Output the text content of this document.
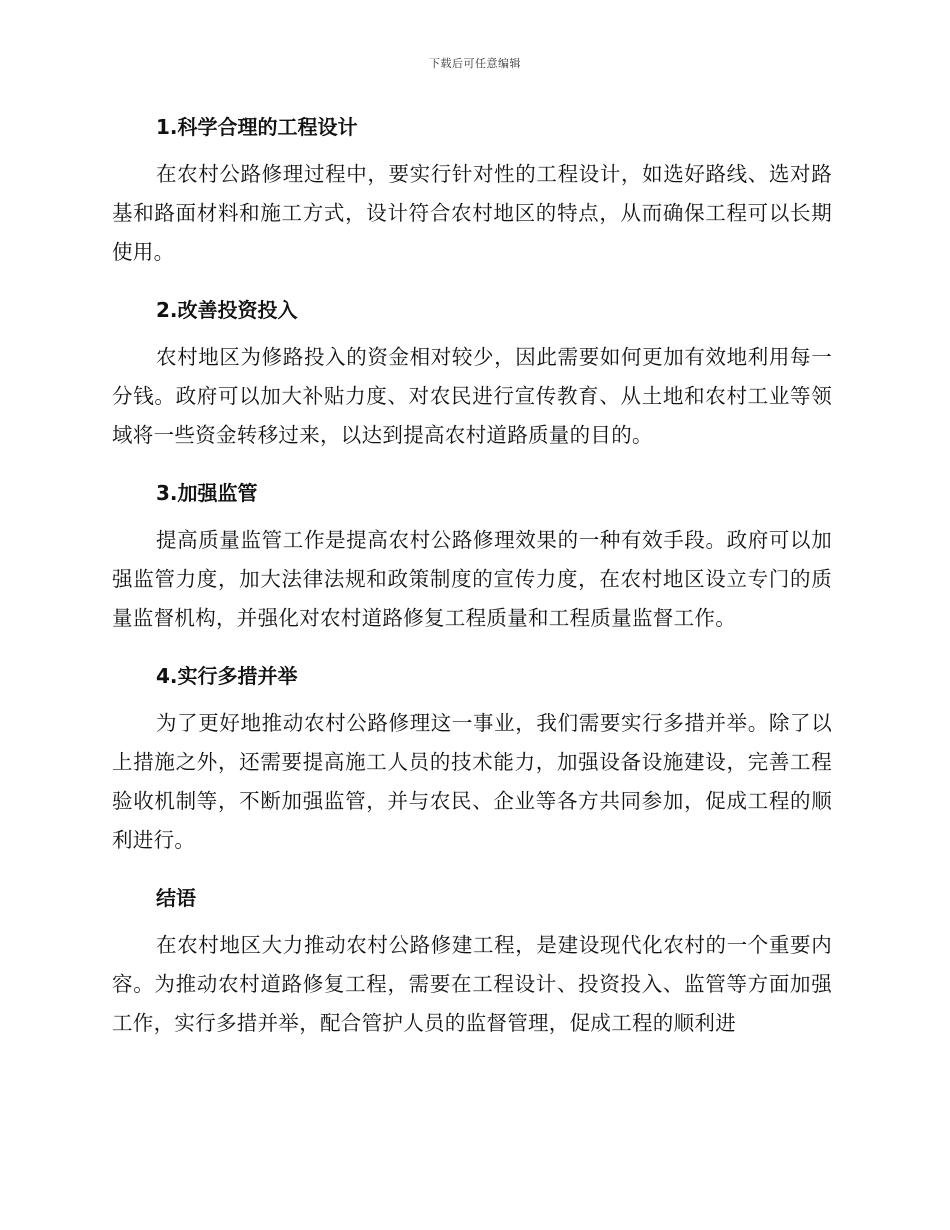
下载后可任意编辑
1.科学合理的工程设计

在农村公路修理过程中，要实行针对性的工程设计，如选好路线、选对路基和路面材料和施工方式，设计符合农村地区的特点，从而确保工程可以长期使用。

2.改善投资投入

农村地区为修路投入的资金相对较少，因此需要如何更加有效地利用每一分钱。政府可以加大补贴力度、对农民进行宣传教育、从土地和农村工业等领域将一些资金转移过来，以达到提高农村道路质量的目的。

3.加强监管

提高质量监管工作是提高农村公路修理效果的一种有效手段。政府可以加强监管力度，加大法律法规和政策制度的宣传力度，在农村地区设立专门的质量监督机构，并强化对农村道路修复工程质量和工程质量监督工作。

4.实行多措并举

为了更好地推动农村公路修理这一事业，我们需要实行多措并举。除了以上措施之外，还需要提高施工人员的技术能力，加强设备设施建设，完善工程验收机制等，不断加强监管，并与农民、企业等各方共同参加，促成工程的顺利进行。

结语

在农村地区大力推动农村公路修建工程，是建设现代化农村的一个重要内容。为推动农村道路修复工程，需要在工程设计、投资投入、监管等方面加强工作，实行多措并举，配合管护人员的监督管理，促成工程的顺利进
